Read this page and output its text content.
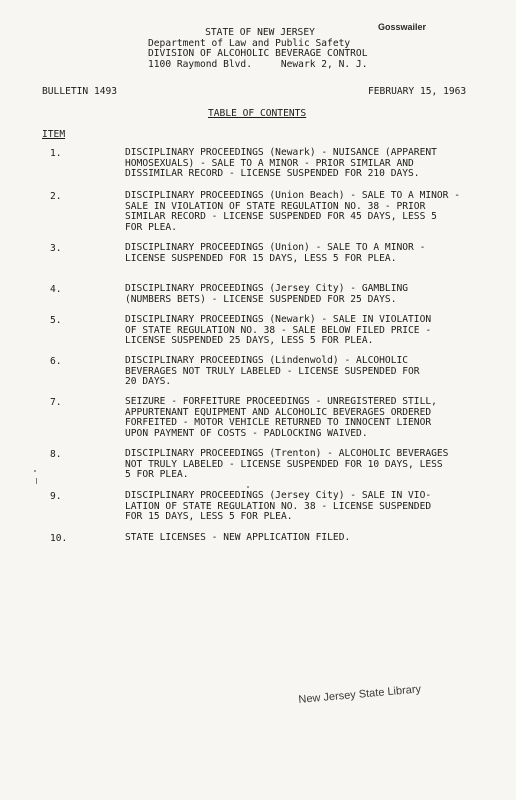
Gosswailer
STATE OF NEW JERSEY
Department of Law and Public Safety
DIVISION OF ALCOHOLIC BEVERAGE CONTROL
1100 Raymond Blvd.     Newark 2, N. J.
BULLETIN 1493	FEBRUARY 15, 1963
TABLE OF CONTENTS
ITEM
1.	DISCIPLINARY PROCEEDINGS (Newark) - NUISANCE (APPARENT
HOMOSEXUALS) - SALE TO A MINOR - PRIOR SIMILAR AND
DISSIMILAR RECORD - LICENSE SUSPENDED FOR 210 DAYS.
2.	DISCIPLINARY PROCEEDINGS (Union Beach) - SALE TO A MINOR -
SALE IN VIOLATION OF STATE REGULATION NO. 38 - PRIOR
SIMILAR RECORD - LICENSE SUSPENDED FOR 45 DAYS, LESS 5
FOR PLEA.
3.	DISCIPLINARY PROCEEDINGS (Union) - SALE TO A MINOR -
LICENSE SUSPENDED FOR 15 DAYS, LESS 5 FOR PLEA.
4.	DISCIPLINARY PROCEEDINGS (Jersey City) - GAMBLING
(NUMBERS BETS) - LICENSE SUSPENDED FOR 25 DAYS.
5.	DISCIPLINARY PROCEEDINGS (Newark) - SALE IN VIOLATION
OF STATE REGULATION NO. 38 - SALE BELOW FILED PRICE -
LICENSE SUSPENDED 25 DAYS, LESS 5 FOR PLEA.
6.	DISCIPLINARY PROCEEDINGS (Lindenwold) - ALCOHOLIC
BEVERAGES NOT TRULY LABELED - LICENSE SUSPENDED FOR
20 DAYS.
7.	SEIZURE - FORFEITURE PROCEEDINGS - UNREGISTERED STILL,
APPURTENANT EQUIPMENT AND ALCOHOLIC BEVERAGES ORDERED
FORFEITED - MOTOR VEHICLE RETURNED TO INNOCENT LIENOR
UPON PAYMENT OF COSTS - PADLOCKING WAIVED.
8.	DISCIPLINARY PROCEEDINGS (Trenton) - ALCOHOLIC BEVERAGES
NOT TRULY LABELED - LICENSE SUSPENDED FOR 10 DAYS, LESS
5 FOR PLEA.
9.	DISCIPLINARY PROCEEDINGS (Jersey City) - SALE IN VIO-
LATION OF STATE REGULATION NO. 38 - LICENSE SUSPENDED
FOR 15 DAYS, LESS 5 FOR PLEA.
10.	STATE LICENSES - NEW APPLICATION FILED.
New Jersey State Library
